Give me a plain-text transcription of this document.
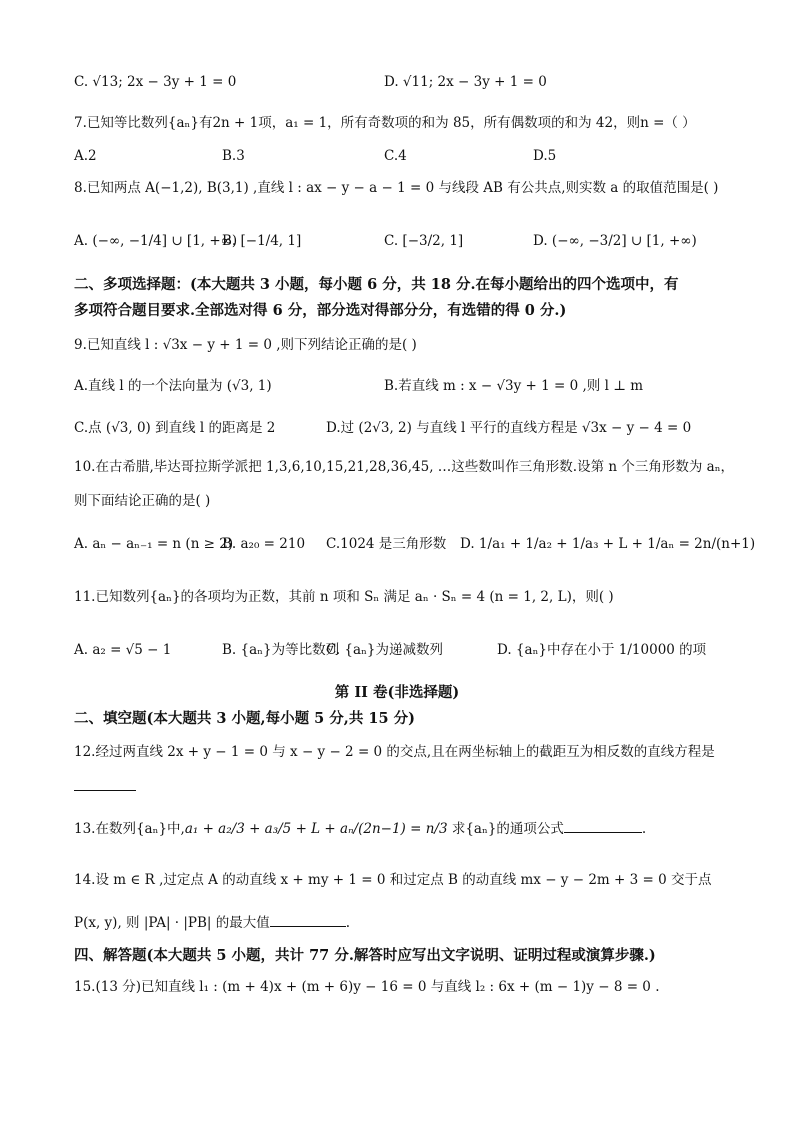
C. √13; 2x − 3y + 1 = 0	D. √11; 2x − 3y + 1 = 0
7.已知等比数列{aₙ}有2n + 1项，a₁ = 1，所有奇数项的和为 85，所有偶数项的和为 42，则n =（ ）
A.2	B.3	C.4	D.5
8.已知两点 A(−1,2), B(3,1) ,直线 l : ax − y − a − 1 = 0 与线段 AB 有公共点,则实数 a 的取值范围是( )
A. (−∞, −1/4] ∪ [1, +∞)
B. [−1/4, 1]	C. [−3/2, 1]	D. (−∞, −3/2] ∪ [1, +∞)
二、多项选择题：(本大题共 3 小题，每小题 6 分，共 18 分.在每小题给出的四个选项中，有
多项符合题目要求.全部选对得 6 分，部分选对得部分分，有选错的得 0 分.)
9.已知直线 l : √3x − y + 1 = 0 ,则下列结论正确的是( )
A.直线 l 的一个法向量为 (√3, 1)	B.若直线 m : x − √3y + 1 = 0 ,则 l ⊥ m
C.点 (√3, 0) 到直线 l 的距离是 2	D.过 (2√3, 2) 与直线 l 平行的直线方程是 √3x − y − 4 = 0
10.在古希腊,毕达哥拉斯学派把 1,3,6,10,15,21,28,36,45, …这些数叫作三角形数.设第 n 个三角形数为 aₙ，
则下面结论正确的是( )
A. aₙ − aₙ₋₁ = n (n ≥ 2)
B. a₂₀ = 210 C.1024 是三角形数 D. 1/a₁ + 1/a₂ + 1/a₃ + L + 1/aₙ = 2n/(n+1)
11.已知数列{aₙ}的各项均为正数，其前 n 项和 Sₙ 满足 aₙ · Sₙ = 4 (n = 1, 2, L)，则( )
A. a₂ = √5 − 1	B. {aₙ}为等比数列
C. {aₙ}为递减数列	D. {aₙ}中存在小于 1/10000 的项
第 II 卷(非选择题)
二、填空题(本大题共 3 小题,每小题 5 分,共 15 分)
12.经过两直线 2x + y − 1 = 0 与 x − y − 2 = 0 的交点,且在两坐标轴上的截距互为相反数的直线方程是
13.在数列{aₙ}中,a₁ + a₂/3 + a₃/5 + L + aₙ/(2n−1) = n/3 求{aₙ}的通项公式	.
14.设 m ∈ R ,过定点 A 的动直线 x + my + 1 = 0 和过定点 B 的动直线 mx − y − 2m + 3 = 0 交于点
P(x, y), 则 |PA| · |PB| 的最大值	.
四、解答题(本大题共 5 小题，共计 77 分.解答时应写出文字说明、证明过程或演算步骤.)
15.(13 分)已知直线 l₁ : (m + 4)x + (m + 6)y − 16 = 0 与直线 l₂ : 6x + (m − 1)y − 8 = 0 .
